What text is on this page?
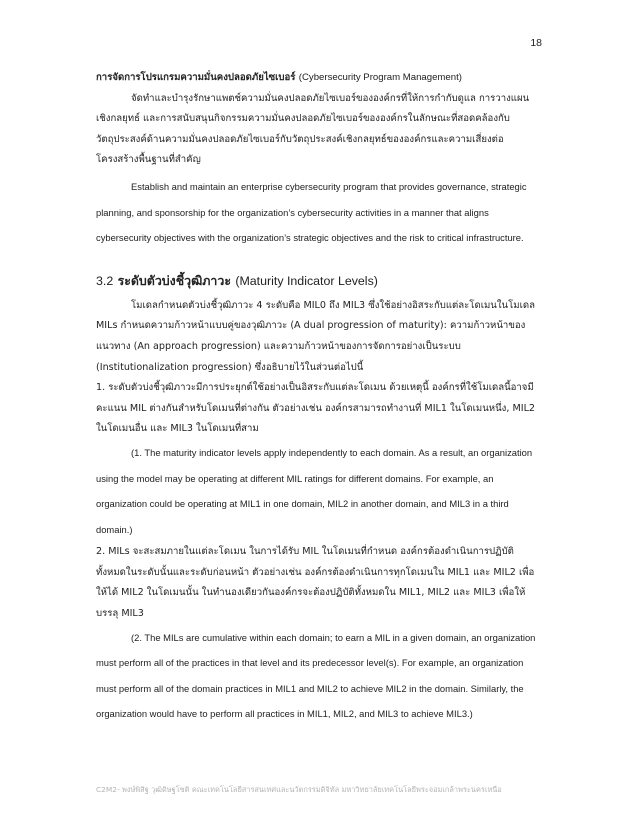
18

การจัดการโปรแกรมความมั่นคงปลอดภัยไซเบอร์ (Cybersecurity Program Management)

จัดทำและบำรุงรักษาแพตช์ความมั่นคงปลอดภัยไซเบอร์ขององค์กรที่ให้การกำกับดูแล การวางแผนเชิงกลยุทธ์ และการสนับสนุนกิจกรรมความมั่นคงปลอดภัยไซเบอร์ขององค์กรในลักษณะที่สอดคล้องกับวัตถุประสงค์ด้านความมั่นคงปลอดภัยไซเบอร์กับวัตถุประสงค์เชิงกลยุทธ์ขององค์กรและความเสี่ยงต่อโครงสร้างพื้นฐานที่สำคัญ

Establish and maintain an enterprise cybersecurity program that provides governance, strategic planning, and sponsorship for the organization’s cybersecurity activities in a manner that aligns cybersecurity objectives with the organization’s strategic objectives and the risk to critical infrastructure.

3.2 ระดับตัวบ่งชี้วุฒิภาวะ (Maturity Indicator Levels)

โมเดลกำหนดตัวบ่งชี้วุฒิภาวะ 4 ระดับคือ MIL0 ถึง MIL3 ซึ่งใช้อย่างอิสระกับแต่ละโดเมนในโมเดล MILs กำหนดความก้าวหน้าแบบคู่ของวุฒิภาวะ (A dual progression of maturity): ความก้าวหน้าของแนวทาง (An approach progression) และความก้าวหน้าของการจัดการอย่างเป็นระบบ (Institutionalization progression) ซึ่งอธิบายไว้ในส่วนต่อไปนี้

1. ระดับตัวบ่งชี้วุฒิภาวะมีการประยุกต์ใช้อย่างเป็นอิสระกับแต่ละโดเมน ด้วยเหตุนี้ องค์กรที่ใช้โมเดลนี้อาจมีคะแนน MIL ต่างกันสำหรับโดเมนที่ต่างกัน ตัวอย่างเช่น องค์กรสามารถทำงานที่ MIL1 ในโดเมนหนึ่ง, MIL2 ในโดเมนอื่น และ MIL3 ในโดเมนที่สาม

(1. The maturity indicator levels apply independently to each domain. As a result, an organization using the model may be operating at different MIL ratings for different domains. For example, an organization could be operating at MIL1 in one domain, MIL2 in another domain, and MIL3 in a third domain.)

2. MILs จะสะสมภายในแต่ละโดเมน ในการได้รับ MIL ในโดเมนที่กำหนด องค์กรต้องดำเนินการปฏิบัติทั้งหมดในระดับนั้นและระดับก่อนหน้า ตัวอย่างเช่น องค์กรต้องดำเนินการทุกโดเมนใน MIL1 และ MIL2 เพื่อให้ได้ MIL2 ในโดเมนนั้น ในทำนองเดียวกันองค์กรจะต้องปฏิบัติทั้งหมดใน MIL1, MIL2 และ MIL3 เพื่อให้บรรลุ MIL3

(2. The MILs are cumulative within each domain; to earn a MIL in a given domain, an organization must perform all of the practices in that level and its predecessor level(s). For example, an organization must perform all of the domain practices in MIL1 and MIL2 to achieve MIL2 in the domain. Similarly, the organization would have to perform all practices in MIL1, MIL2, and MIL3 to achieve MIL3.)

C2M2- พงษ์พิสิฐ วุฒิดิษฐโชติ คณะเทคโนโลยีสารสนเทศและนวัตกรรมดิจิทัล มหาวิทยาลัยเทคโนโลยีพระจอมเกล้าพระนครเหนือ
